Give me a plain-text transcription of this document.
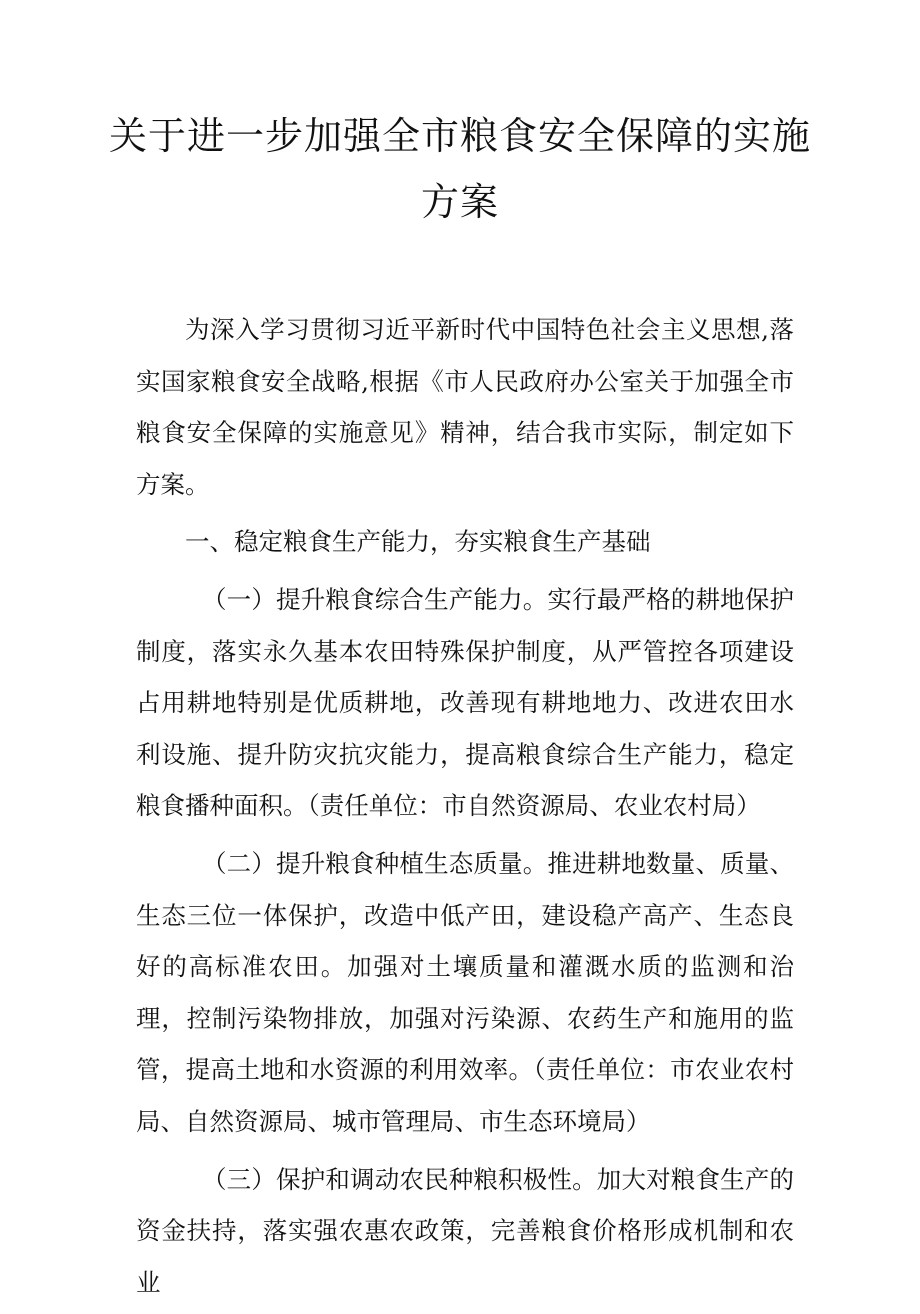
关于进一步加强全市粮食安全保障的实施
方案

为深入学习贯彻习近平新时代中国特色社会主义思想,落实国家粮食安全战略,根据《市人民政府办公室关于加强全市粮食安全保障的实施意见》精神，结合我市实际，制定如下方案。

一、稳定粮食生产能力，夯实粮食生产基础

（一）提升粮食综合生产能力。实行最严格的耕地保护制度，落实永久基本农田特殊保护制度，从严管控各项建设占用耕地特别是优质耕地，改善现有耕地地力、改进农田水利设施、提升防灾抗灾能力，提高粮食综合生产能力，稳定粮食播种面积。（责任单位：市自然资源局、农业农村局）

（二）提升粮食种植生态质量。推进耕地数量、质量、生态三位一体保护，改造中低产田，建设稳产高产、生态良好的高标准农田。加强对土壤质量和灌溉水质的监测和治理，控制污染物排放，加强对污染源、农药生产和施用的监管，提高土地和水资源的利用效率。（责任单位：市农业农村局、自然资源局、城市管理局、市生态环境局）

（三）保护和调动农民种粮积极性。加大对粮食生产的资金扶持，落实强农惠农政策，完善粮食价格形成机制和农业
